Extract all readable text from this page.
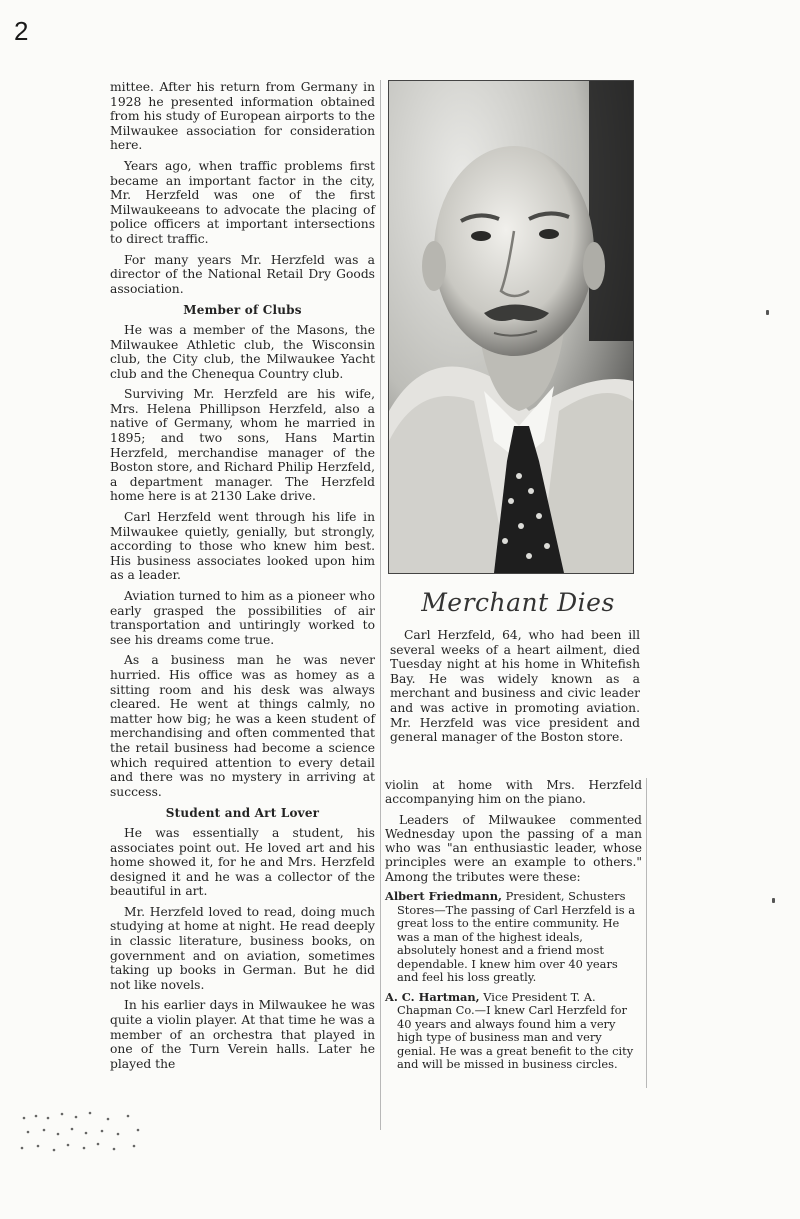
2

mittee. After his return from Germany in 1928 he presented information obtained from his study of European airports to the Milwaukee association for consideration here.

Years ago, when traffic problems first became an important factor in the city, Mr. Herzfeld was one of the first Milwaukeeans to advocate the placing of police officers at important intersections to direct traffic.

For many years Mr. Herzfeld was a director of the National Retail Dry Goods association.

Member of Clubs

He was a member of the Masons, the Milwaukee Athletic club, the Wisconsin club, the City club, the Milwaukee Yacht club and the Chenequa Country club.

Surviving Mr. Herzfeld are his wife, Mrs. Helena Phillipson Herzfeld, also a native of Germany, whom he married in 1895; and two sons, Hans Martin Herzfeld, merchandise manager of the Boston store, and Richard Philip Herzfeld, a department manager. The Herzfeld home here is at 2130 Lake drive.

Carl Herzfeld went through his life in Milwaukee quietly, genially, but strongly, according to those who knew him best. His business associates looked upon him as a leader.

Aviation turned to him as a pioneer who early grasped the possibilities of air transportation and untiringly worked to see his dreams come true.

As a business man he was never hurried. His office was as homey as a sitting room and his desk was always cleared. He went at things calmly, no matter how big; he was a keen student of merchandising and often commented that the retail business had become a science which required attention to every detail and there was no mystery in arriving at success.

Student and Art Lover

He was essentially a student, his associates point out. He loved art and his home showed it, for he and Mrs. Herzfeld designed it and he was a collector of the beautiful in art.

Mr. Herzfeld loved to read, doing much studying at home at night. He read deeply in classic literature, business books, on government and on aviation, sometimes taking up books in German. But he did not like novels.

In his earlier days in Milwaukee he was quite a violin player. At that time he was a member of an orchestra that played in one of the Turn Verein halls. Later he played the

Merchant Dies

Carl Herzfeld, 64, who had been ill several weeks of a heart ailment, died Tuesday night at his home in Whitefish Bay. He was widely known as a merchant and business and civic leader and was active in promoting aviation. Mr. Herzfeld was vice president and general manager of the Boston store.

violin at home with Mrs. Herzfeld accompanying him on the piano.

Leaders of Milwaukee commented Wednesday upon the passing of a man who was "an enthusiastic leader, whose principles were an example to others." Among the tributes were these:

Albert Friedmann, President, Schusters Stores—The passing of Carl Herzfeld is a great loss to the entire community. He was a man of the highest ideals, absolutely honest and a friend most dependable. I knew him over 40 years and feel his loss greatly.

A. C. Hartman, Vice President T. A. Chapman Co.—I knew Carl Herzfeld for 40 years and always found him a very high type of business man and very genial. He was a great benefit to the city and will be missed in business circles.
